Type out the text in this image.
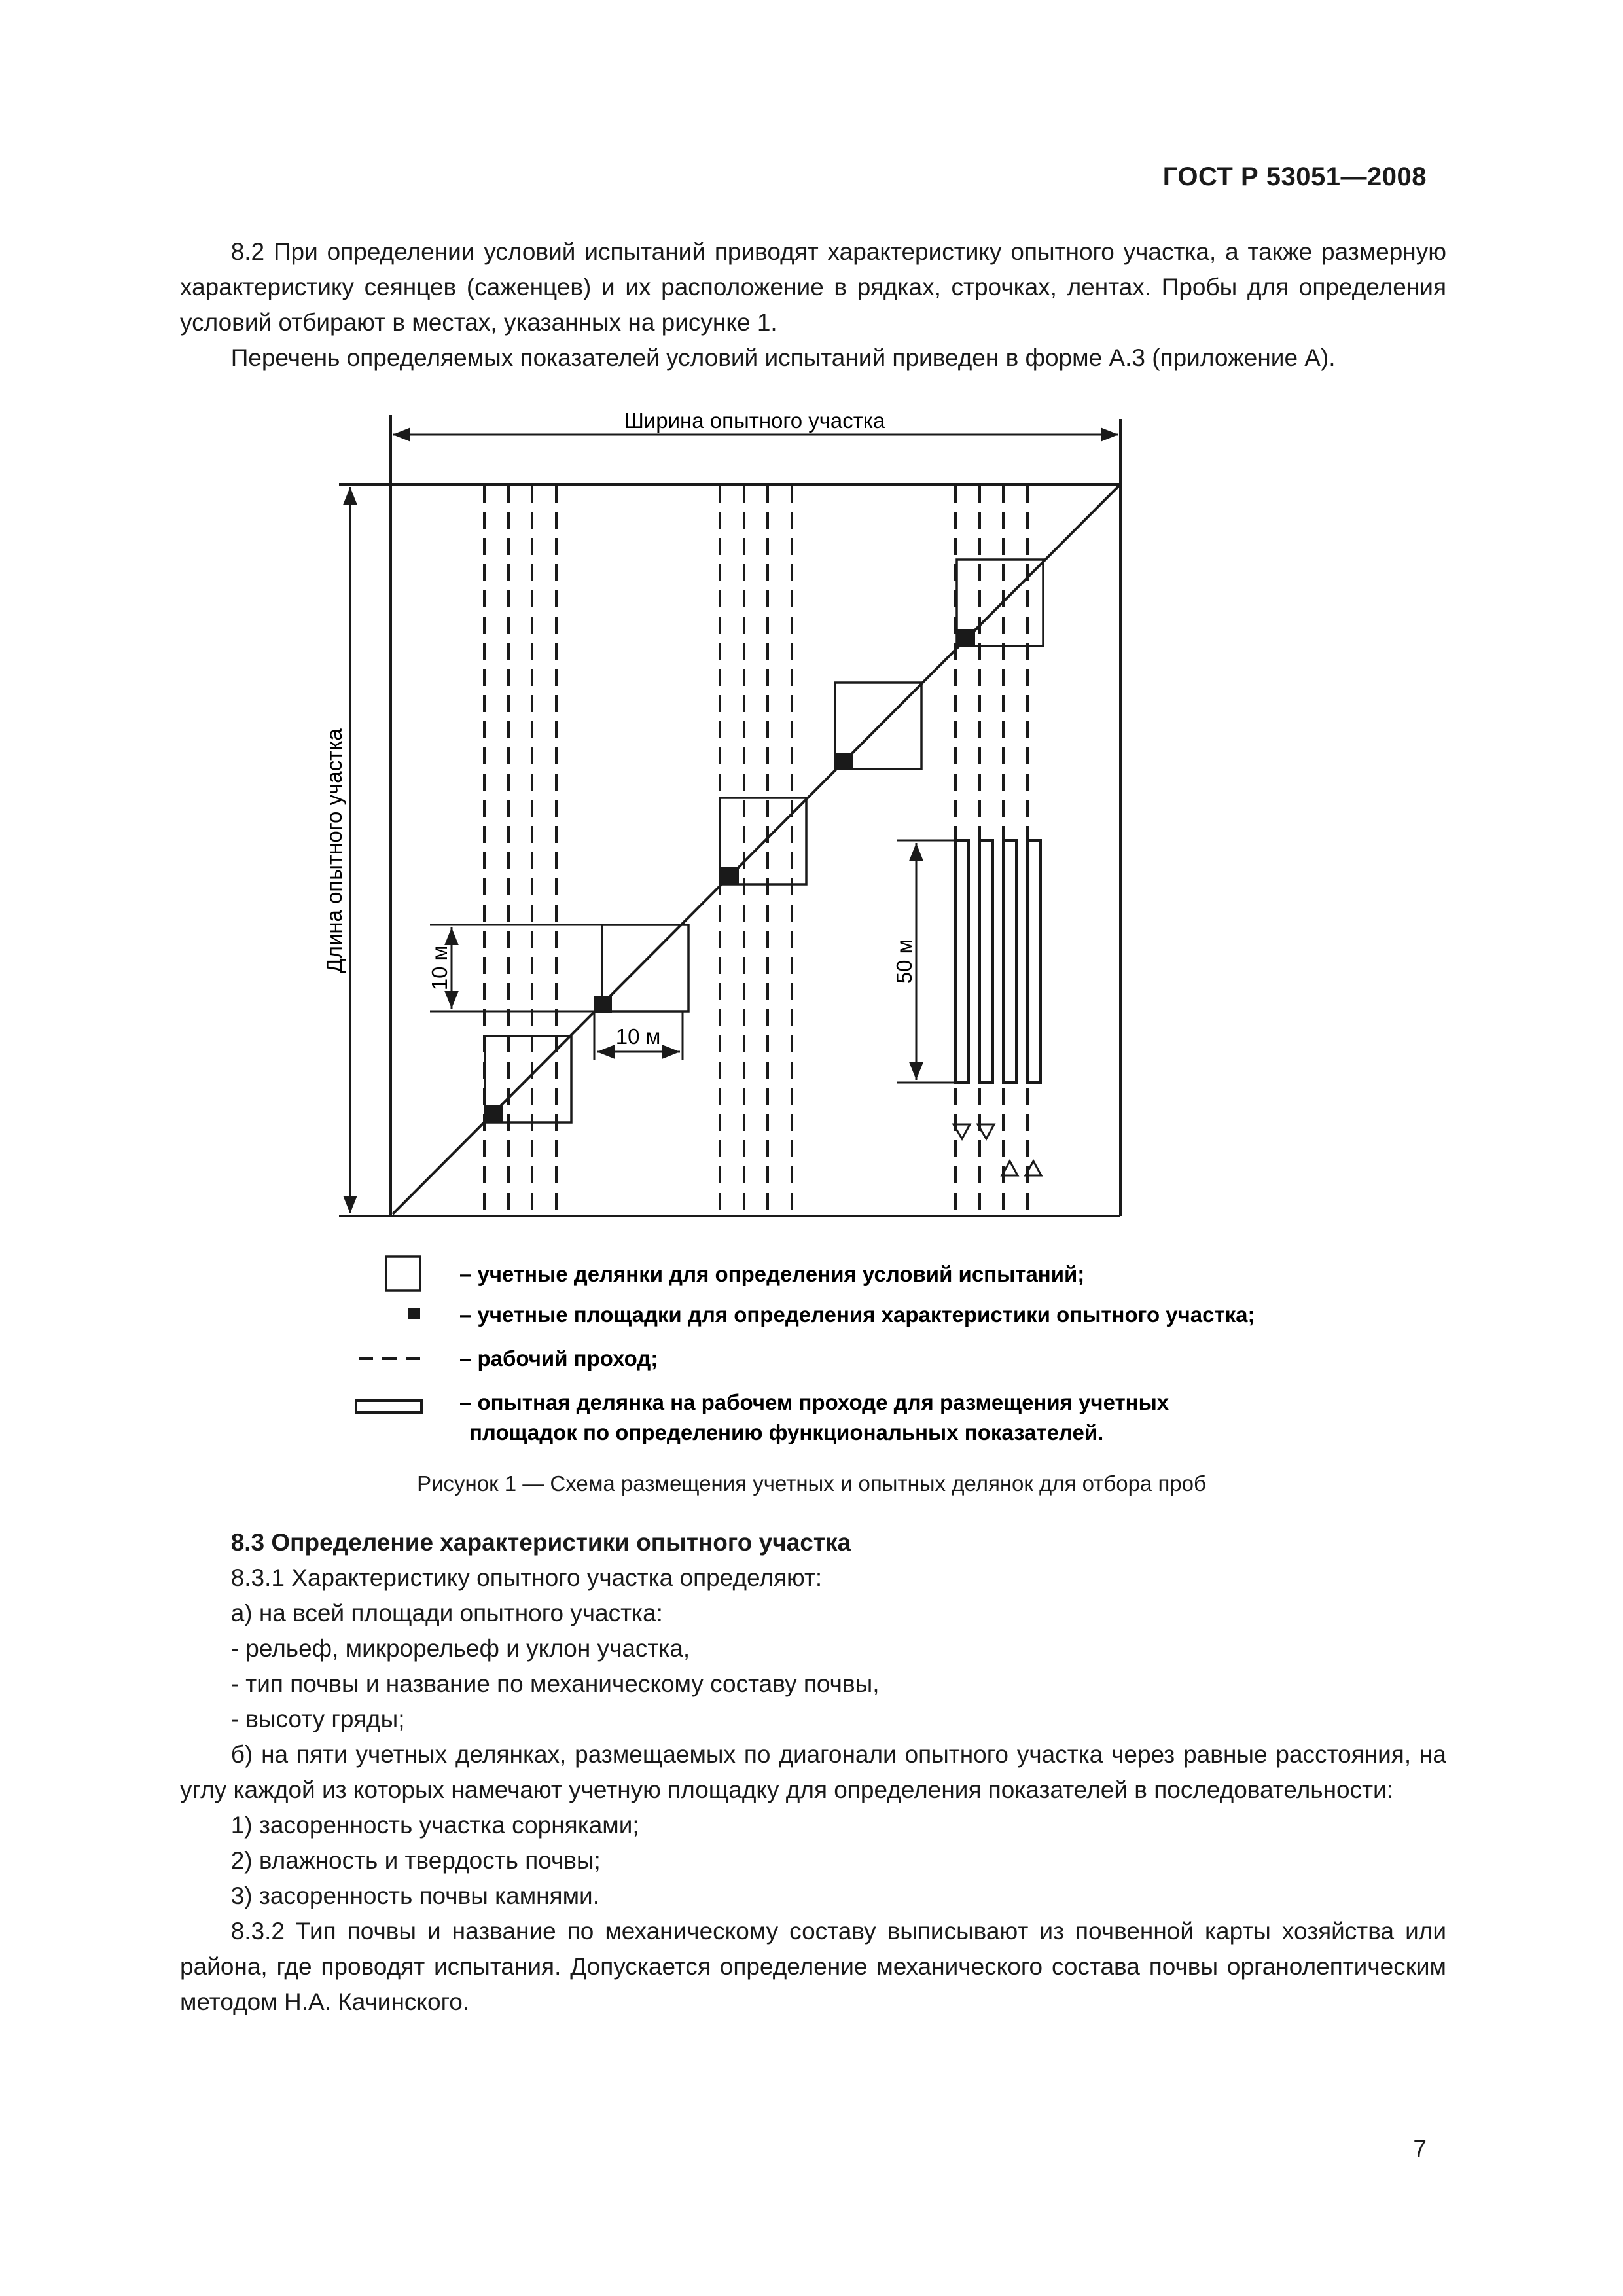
ГОСТ Р 53051—2008

8.2 При определении условий испытаний приводят характеристику опытного участка, а также размерную характеристику сеянцев (саженцев) и их расположение в рядках, строчках, лентах. Пробы для определения условий отбирают в местах, указанных на рисунке 1.

Перечень определяемых показателей условий испытаний приведен в форме А.3 (приложение А).

Ширина опытного участка
Длина опытного участка	10 м
10 м
50 м
– учетные делянки для определения условий испытаний;
– учетные площадки для определения характеристики опытного участка;
– рабочий проход;
– опытная делянка на рабочем проходе для размещения учетных
площадок по определению функциональных показателей.
Рисунок 1 — Схема размещения учетных и опытных делянок для отбора проб

8.3 Определение характеристики опытного участка

8.3.1 Характеристику опытного участка определяют:

а) на всей площади опытного участка:

- рельеф, микрорельеф и уклон участка,

- тип почвы и название по механическому составу почвы,

- высоту гряды;

б) на пяти учетных делянках, размещаемых по диагонали опытного участка через равные расстояния, на углу каждой из которых намечают учетную площадку для определения показателей в последовательности:

1) засоренность участка сорняками;

2) влажность и твердость почвы;

3) засоренность почвы камнями.

8.3.2 Тип почвы и название по механическому составу выписывают из почвенной карты хозяйства или района, где проводят испытания. Допускается определение механического состава почвы органолептическим методом Н.А. Качинского.

7
